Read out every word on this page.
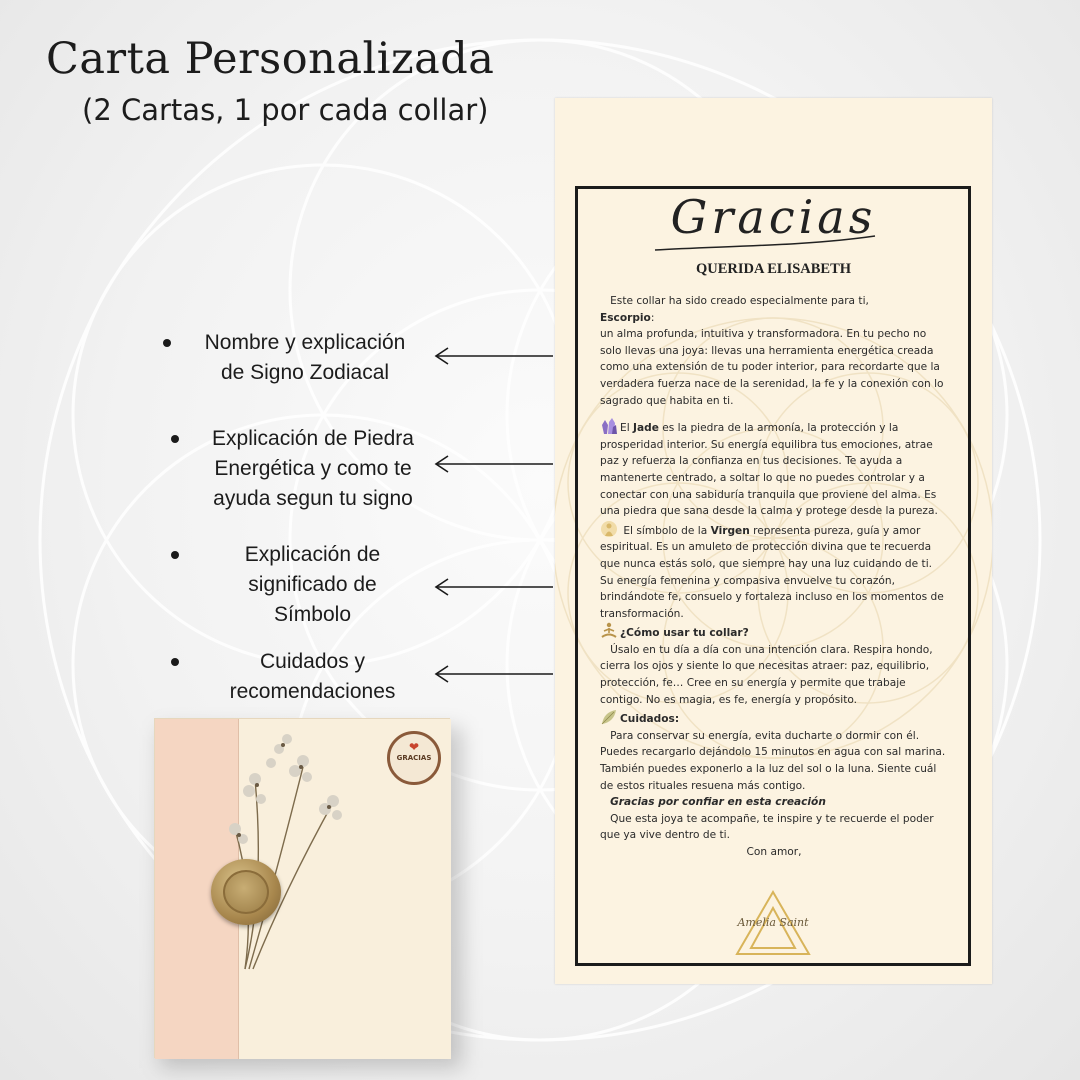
Carta Personalizada
(2 Cartas, 1 por cada collar)
Nombre y explicación
de Signo Zodiacal
Explicación de Piedra
Energética y como te
ayuda segun tu signo
Explicación de
significado de
Símbolo
Cuidados y
recomendaciones
Gracias
QUERIDA ELISABETH

Este collar ha sido creado especialmente para ti,

Escorpio:
un alma profunda, intuitiva y transformadora. En tu pecho no solo llevas una joya: llevas una herramienta energética creada como una extensión de tu poder interior, para recordarte que la verdadera fuerza nace de la serenidad, la fe y la conexión con lo sagrado que habita en ti.

El Jade es la piedra de la armonía, la protección y la prosperidad interior. Su energía equilibra tus emociones, atrae paz y refuerza la confianza en tus decisiones. Te ayuda a mantenerte centrado, a soltar lo que no puedes controlar y a conectar con una sabiduría tranquila que proviene del alma. Es una piedra que sana desde la calma y protege desde la pureza.

El símbolo de la Virgen representa pureza, guía y amor espiritual. Es un amuleto de protección divina que te recuerda que nunca estás solo, que siempre hay una luz cuidando de ti. Su energía femenina y compasiva envuelve tu corazón, brindándote fe, consuelo y fortaleza incluso en los momentos de transformación.

¿Cómo usar tu collar?
Úsalo en tu día a día con una intención clara. Respira hondo, cierra los ojos y siente lo que necesitas atraer: paz, equilibrio, protección, fe… Cree en su energía y permite que trabaje contigo. No es magia, es fe, energía y propósito.

Cuidados:
Para conservar su energía, evita ducharte o dormir con él. Puedes recargarlo dejándolo 15 minutos en agua con sal marina. También puedes exponerlo a la luz del sol o la luna. Siente cuál de estos rituales resuena más contigo.

Gracias por confiar en esta creación

Que esta joya te acompañe, te inspire y te recuerde el poder que ya vive dentro de ti.

Con amor,

Amelia Saint
❤
GRACIAS
